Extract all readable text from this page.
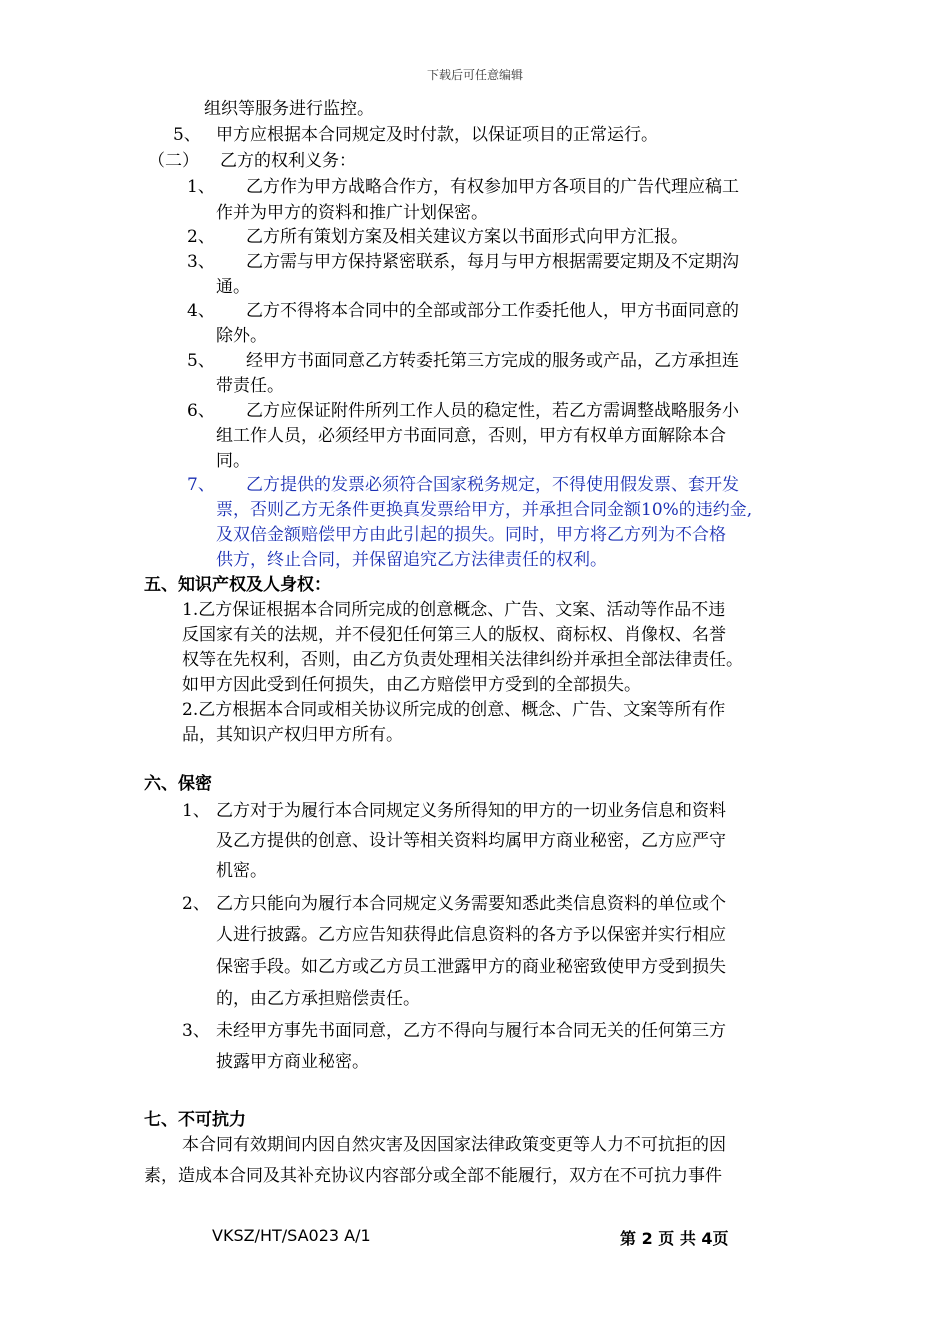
下载后可任意编辑
组织等服务进行监控。
5、 甲方应根据本合同规定及时付款，以保证项目的正常运行。
（二） 乙方的权利义务：
1、 乙方作为甲方战略合作方，有权参加甲方各项目的广告代理应稿工
作并为甲方的资料和推广计划保密。
2、 乙方所有策划方案及相关建议方案以书面形式向甲方汇报。
3、 乙方需与甲方保持紧密联系，每月与甲方根据需要定期及不定期沟
通。
4、 乙方不得将本合同中的全部或部分工作委托他人，甲方书面同意的
除外。
5、 经甲方书面同意乙方转委托第三方完成的服务或产品，乙方承担连
带责任。
6、 乙方应保证附件所列工作人员的稳定性，若乙方需调整战略服务小
组工作人员，必须经甲方书面同意，否则，甲方有权单方面解除本合
同。
7、 乙方提供的发票必须符合国家税务规定，不得使用假发票、套开发
票，否则乙方无条件更换真发票给甲方，并承担合同金额10%的违约金,
及双倍金额赔偿甲方由此引起的损失。同时，甲方将乙方列为不合格
供方，终止合同，并保留追究乙方法律责任的权利。
五、知识产权及人身权：
1.乙方保证根据本合同所完成的创意概念、广告、文案、活动等作品不违
反国家有关的法规，并不侵犯任何第三人的版权、商标权、肖像权、名誉
权等在先权利，否则，由乙方负责处理相关法律纠纷并承担全部法律责任。
如甲方因此受到任何损失，由乙方赔偿甲方受到的全部损失。
2.乙方根据本合同或相关协议所完成的创意、概念、广告、文案等所有作
品，其知识产权归甲方所有。
六、保密
1、 乙方对于为履行本合同规定义务所得知的甲方的一切业务信息和资料
及乙方提供的创意、设计等相关资料均属甲方商业秘密，乙方应严守
机密。
2、 乙方只能向为履行本合同规定义务需要知悉此类信息资料的单位或个
人进行披露。乙方应告知获得此信息资料的各方予以保密并实行相应
保密手段。如乙方或乙方员工泄露甲方的商业秘密致使甲方受到损失
的，由乙方承担赔偿责任。
3、 未经甲方事先书面同意，乙方不得向与履行本合同无关的任何第三方
披露甲方商业秘密。
七、不可抗力
本合同有效期间内因自然灾害及因国家法律政策变更等人力不可抗拒的因
素，造成本合同及其补充协议内容部分或全部不能履行，双方在不可抗力事件
VKSZ/HT/SA023 A/1	第 2 页 共 4页
